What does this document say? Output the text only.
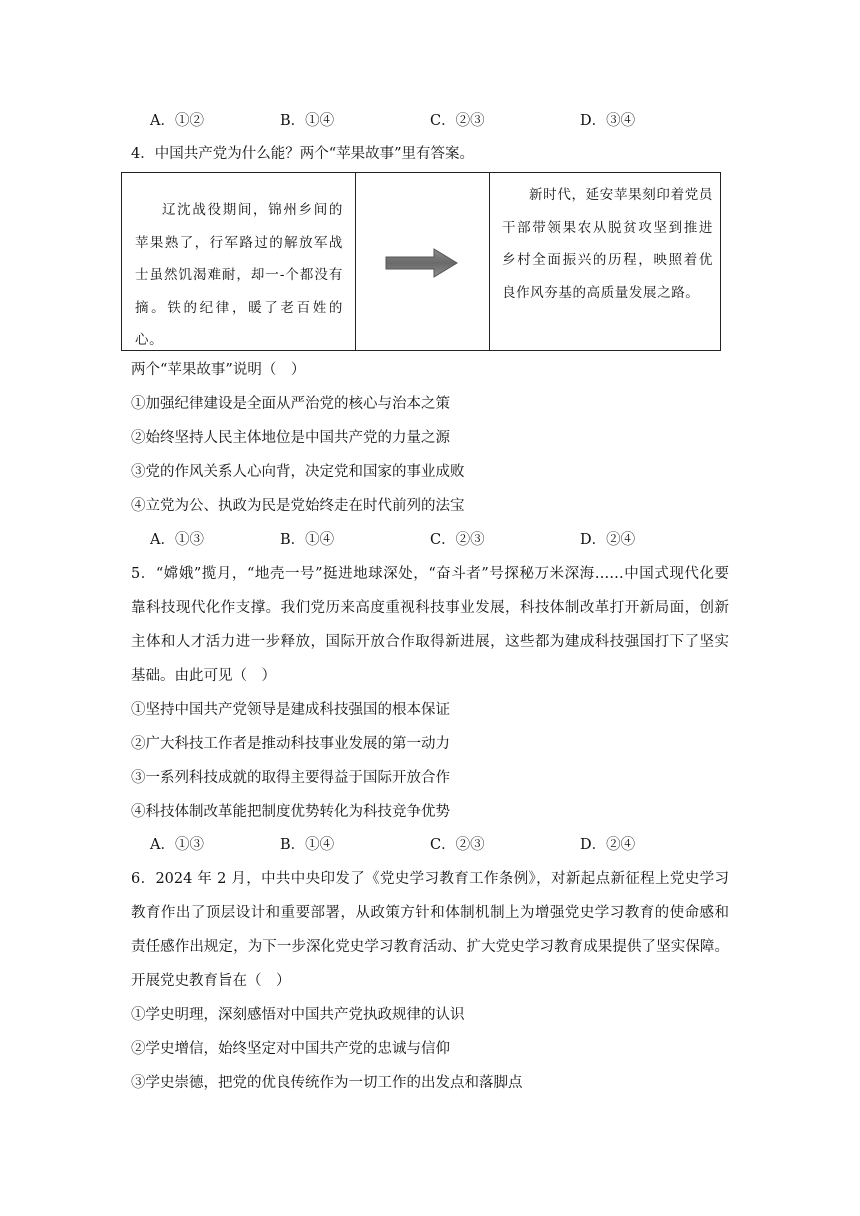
A．①②	B．①④	C．②③	D．③④
4．中国共产党为什么能？两个“苹果故事”里有答案。
辽沈战役期间，锦州乡间的苹果熟了，行军路过的解放军战士虽然饥渴难耐，却一-个都没有摘。铁的纪律，暖了老百姓的心。
新时代，延安苹果刻印着党员干部带领果农从脱贫攻坚到推进乡村全面振兴的历程，映照着优良作风夯基的高质量发展之路。
两个“苹果故事”说明（　）
①加强纪律建设是全面从严治党的核心与治本之策
②始终坚持人民主体地位是中国共产党的力量之源
③党的作风关系人心向背，决定党和国家的事业成败
④立党为公、执政为民是党始终走在时代前列的法宝
A．①③	B．①④	C．②③	D．②④
5．“嫦娥”揽月，“地壳一号”挺进地球深处，“奋斗者”号探秘万米深海……中国式现代化要
靠科技现代化作支撑。我们党历来高度重视科技事业发展，科技体制改革打开新局面，创新
主体和人才活力进一步释放，国际开放合作取得新进展，这些都为建成科技强国打下了坚实
基础。由此可见（　）
①坚持中国共产党领导是建成科技强国的根本保证
②广大科技工作者是推动科技事业发展的第一动力
③一系列科技成就的取得主要得益于国际开放合作
④科技体制改革能把制度优势转化为科技竞争优势
A．①③	B．①④	C．②③	D．②④
6．2024 年 2 月，中共中央印发了《党史学习教育工作条例》，对新起点新征程上党史学习
教育作出了顶层设计和重要部署，从政策方针和体制机制上为增强党史学习教育的使命感和
责任感作出规定，为下一步深化党史学习教育活动、扩大党史学习教育成果提供了坚实保障。
开展党史教育旨在（　）
①学史明理，深刻感悟对中国共产党执政规律的认识
②学史增信，始终坚定对中国共产党的忠诚与信仰
③学史崇德，把党的优良传统作为一切工作的出发点和落脚点
